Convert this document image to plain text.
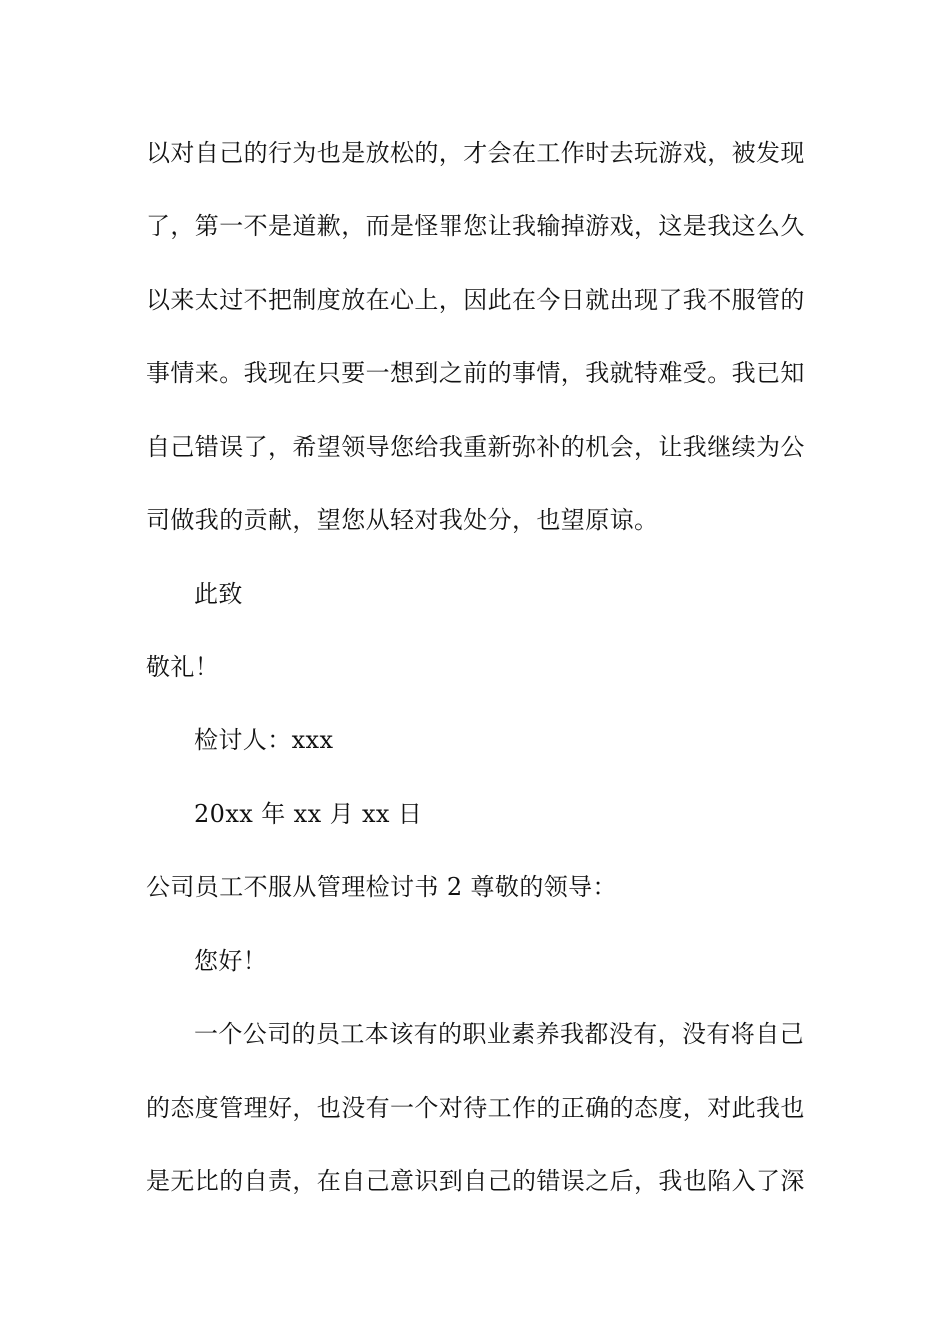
以对自己的行为也是放松的，才会在工作时去玩游戏，被发现
了，第一不是道歉，而是怪罪您让我输掉游戏，这是我这么久
以来太过不把制度放在心上，因此在今日就出现了我不服管的
事情来。我现在只要一想到之前的事情，我就特难受。我已知
自己错误了，希望领导您给我重新弥补的机会，让我继续为公
司做我的贡献，望您从轻对我处分，也望原谅。
此致
敬礼！
检讨人：xxx
20xx 年 xx 月 xx 日
公司员工不服从管理检讨书 2 尊敬的领导：
您好！
一个公司的员工本该有的职业素养我都没有，没有将自己
的态度管理好，也没有一个对待工作的正确的态度，对此我也
是无比的自责，在自己意识到自己的错误之后，我也陷入了深
